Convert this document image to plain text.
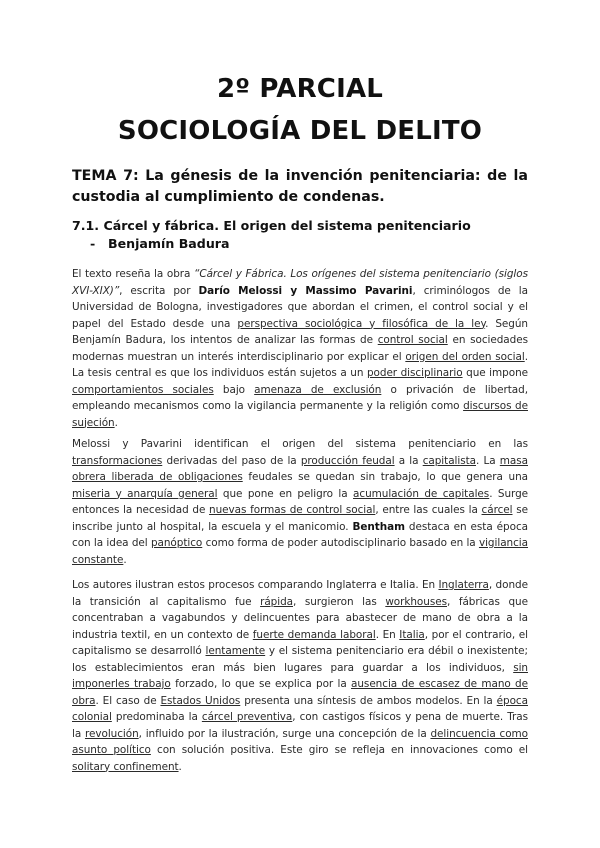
2º PARCIAL
SOCIOLOGÍA DEL DELITO
TEMA 7: La génesis de la invención penitenciaria: de la custodia al cumplimiento de condenas.
7.1. Cárcel y fábrica. El origen del sistema penitenciario
- Benjamín Badura

El texto reseña la obra “Cárcel y Fábrica. Los orígenes del sistema penitenciario (siglos XVI-XIX)”, escrita por Darío Melossi y Massimo Pavarini, criminólogos de la Universidad de Bologna, investigadores que abordan el crimen, el control social y el papel del Estado desde una perspectiva sociológica y filosófica de la ley. Según Benjamín Badura, los intentos de analizar las formas de control social en sociedades modernas muestran un interés interdisciplinario por explicar el origen del orden social. La tesis central es que los individuos están sujetos a un poder disciplinario que impone comportamientos sociales bajo amenaza de exclusión o privación de libertad, empleando mecanismos como la vigilancia permanente y la religión como discursos de sujeción.

Melossi y Pavarini identifican el origen del sistema penitenciario en las transformaciones derivadas del paso de la producción feudal a la capitalista. La masa obrera liberada de obligaciones feudales se quedan sin trabajo, lo que genera una miseria y anarquía general que pone en peligro la acumulación de capitales. Surge entonces la necesidad de nuevas formas de control social, entre las cuales la cárcel se inscribe junto al hospital, la escuela y el manicomio. Bentham destaca en esta época con la idea del panóptico como forma de poder autodisciplinario basado en la vigilancia constante.

Los autores ilustran estos procesos comparando Inglaterra e Italia. En Inglaterra, donde la transición al capitalismo fue rápida, surgieron las workhouses, fábricas que concentraban a vagabundos y delincuentes para abastecer de mano de obra a la industria textil, en un contexto de fuerte demanda laboral. En Italia, por el contrario, el capitalismo se desarrolló lentamente y el sistema penitenciario era débil o inexistente; los establecimientos eran más bien lugares para guardar a los individuos, sin imponerles trabajo forzado, lo que se explica por la ausencia de escasez de mano de obra. El caso de Estados Unidos presenta una síntesis de ambos modelos. En la época colonial predominaba la cárcel preventiva, con castigos físicos y pena de muerte. Tras la revolución, influido por la ilustración, surge una concepción de la delincuencia como asunto político con solución positiva. Este giro se refleja en innovaciones como el solitary confinement.
